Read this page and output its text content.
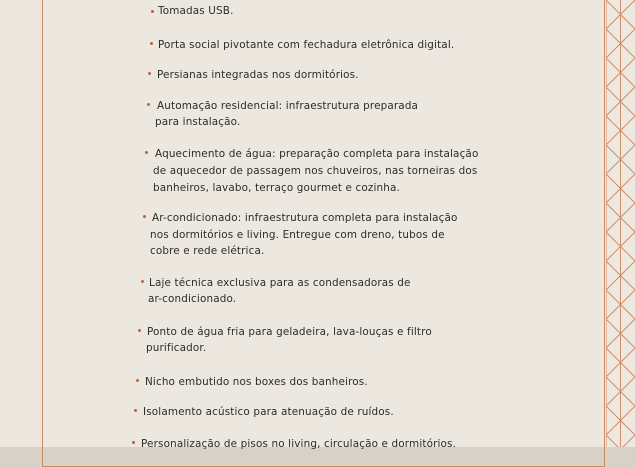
Tomadas USB.
Porta social pivotante com fechadura eletrônica digital.
Persianas integradas nos dormitórios.
Automação residencial: infraestrutura preparada
para instalação.
Aquecimento de água: preparação completa para instalação
de aquecedor de passagem nos chuveiros, nas torneiras dos
banheiros, lavabo, terraço gourmet e cozinha.
Ar-condicionado: infraestrutura completa para instalação
nos dormitórios e living. Entregue com dreno, tubos de
cobre e rede elétrica.
Laje técnica exclusiva para as condensadoras de
ar-condicionado.
Ponto de água fria para geladeira, lava-louças e filtro
purificador.
Nicho embutido nos boxes dos banheiros.
Isolamento acústico para atenuação de ruídos.
Personalização de pisos no living, circulação e dormitórios.
